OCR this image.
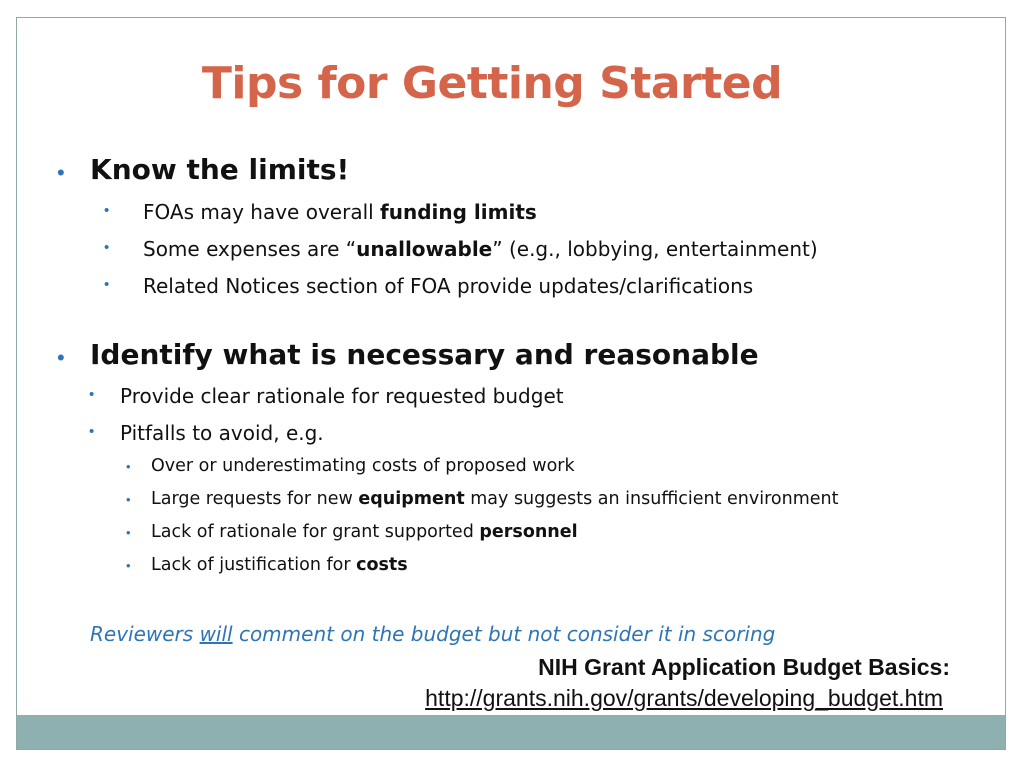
Tips for Getting Started
• Know the limits!
• FOAs may have overall funding limits
• Some expenses are “unallowable” (e.g., lobbying, entertainment)
• Related Notices section of FOA provide updates/clarifications
• Identify what is necessary and reasonable
• Provide clear rationale for requested budget
• Pitfalls to avoid, e.g.
• Over or underestimating costs of proposed work
• Large requests for new equipment may suggests an insufficient environment
• Lack of rationale for grant supported personnel
• Lack of justification for costs
Reviewers will comment on the budget but not consider it in scoring
NIH Grant Application Budget Basics:
http://grants.nih.gov/grants/developing_budget.htm
